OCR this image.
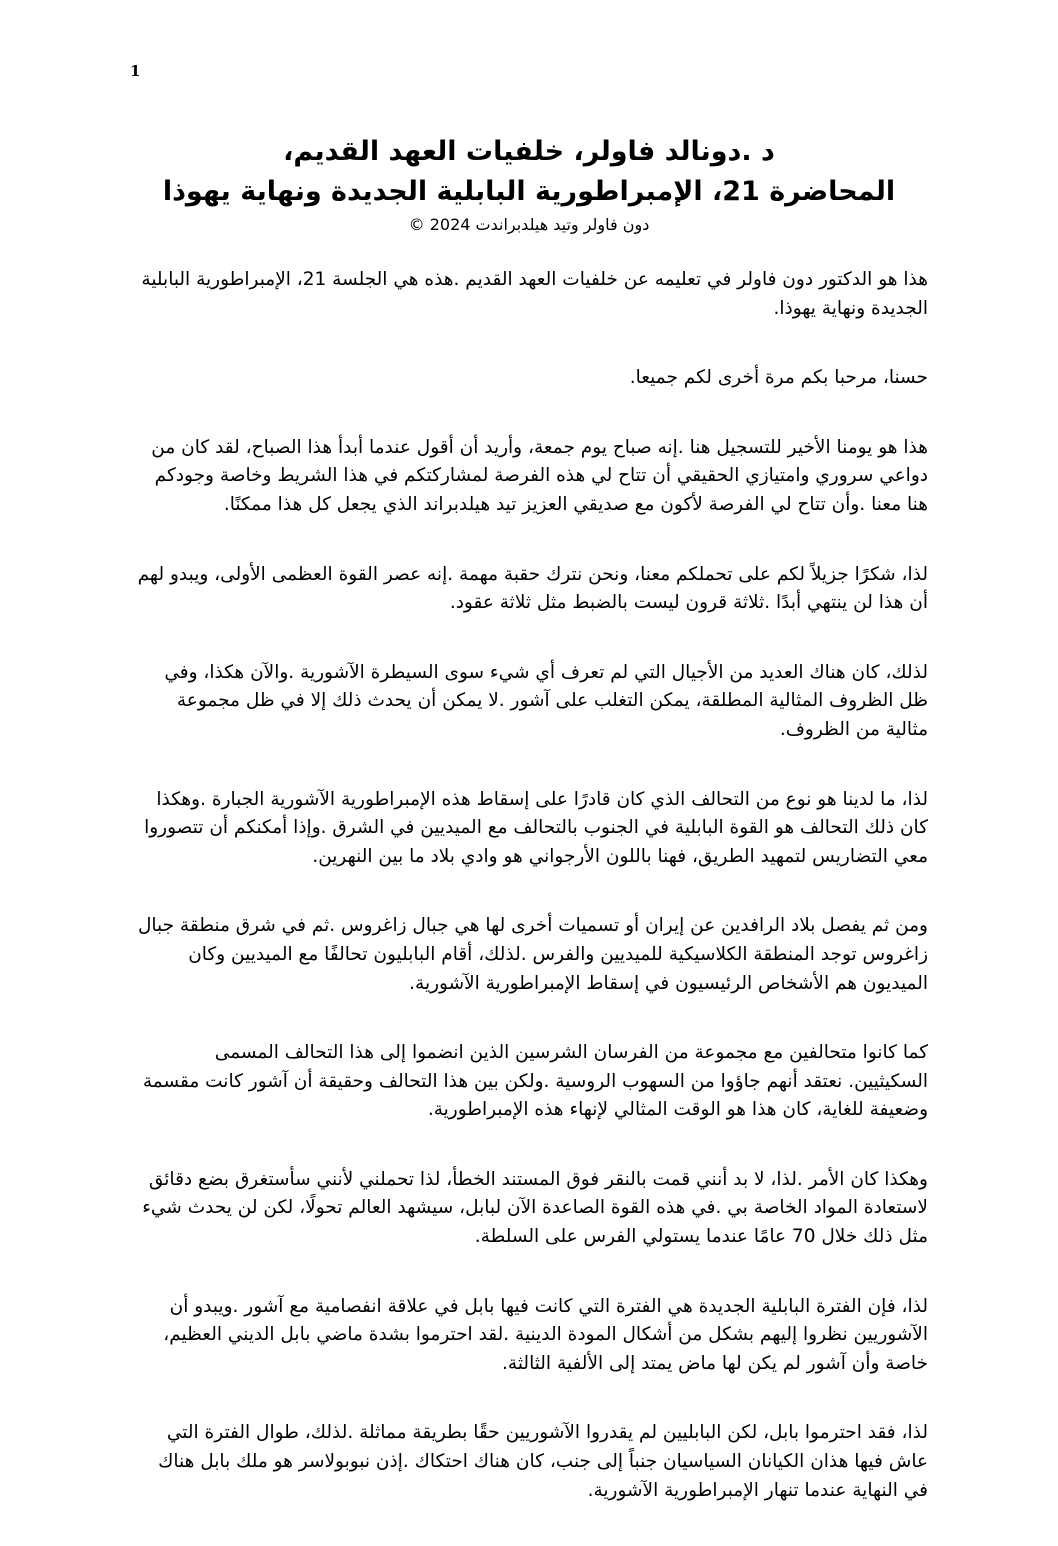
1

د .دونالد فاولر، خلفيات العهد القديم،

المحاضرة 21، الإمبراطورية البابلية الجديدة ونهاية يهوذا

دون فاولر وتيد هيلدبراندت 2024 ©

هذا هو الدكتور دون فاولر في تعليمه عن خلفيات العهد القديم .هذه هي الجلسة 21، الإمبراطورية البابلية الجديدة ونهاية يهوذا.

حسنا، مرحبا بكم مرة أخرى لكم جميعا.

هذا هو يومنا الأخير للتسجيل هنا .إنه صباح يوم جمعة، وأريد أن أقول عندما أبدأ هذا الصباح، لقد كان من دواعي سروري وامتيازي الحقيقي أن تتاح لي هذه الفرصة لمشاركتكم في هذا الشريط وخاصة وجودكم هنا معنا .وأن تتاح لي الفرصة لأكون مع صديقي العزيز تيد هيلدبراند الذي يجعل كل هذا ممكنًا.

لذا، شكرًا جزيلاً لكم على تحملكم معنا، ونحن نترك حقبة مهمة .إنه عصر القوة العظمى الأولى، ويبدو لهم أن هذا لن ينتهي أبدًا .ثلاثة قرون ليست بالضبط مثل ثلاثة عقود.

لذلك، كان هناك العديد من الأجيال التي لم تعرف أي شيء سوى السيطرة الآشورية .والآن هكذا، وفي ظل الظروف المثالية المطلقة، يمكن التغلب على آشور .لا يمكن أن يحدث ذلك إلا في ظل مجموعة مثالية من الظروف.

لذا، ما لدينا هو نوع من التحالف الذي كان قادرًا على إسقاط هذه الإمبراطورية الآشورية الجبارة .وهكذا كان ذلك التحالف هو القوة البابلية في الجنوب بالتحالف مع الميديين في الشرق .وإذا أمكنكم أن تتصوروا معي التضاريس لتمهيد الطريق، فهنا باللون الأرجواني هو وادي بلاد ما بين النهرين.

ومن ثم يفصل بلاد الرافدين عن إيران أو تسميات أخرى لها هي جبال زاغروس .ثم في شرق منطقة جبال زاغروس توجد المنطقة الكلاسيكية للميديين والفرس .لذلك، أقام البابليون تحالفًا مع الميديين وكان الميديون هم الأشخاص الرئيسيون في إسقاط الإمبراطورية الآشورية.

كما كانوا متحالفين مع مجموعة من الفرسان الشرسين الذين انضموا إلى هذا التحالف المسمى السكيثيين. نعتقد أنهم جاؤوا من السهوب الروسية .ولكن بين هذا التحالف وحقيقة أن آشور كانت مقسمة وضعيفة للغاية، كان هذا هو الوقت المثالي لإنهاء هذه الإمبراطورية.

وهكذا كان الأمر .لذا، لا بد أنني قمت بالنقر فوق المستند الخطأ، لذا تحملني لأنني سأستغرق بضع دقائق لاستعادة المواد الخاصة بي .في هذه القوة الصاعدة الآن لبابل، سيشهد العالم تحولًا، لكن لن يحدث شيء مثل ذلك خلال 70 عامًا عندما يستولي الفرس على السلطة.

لذا، فإن الفترة البابلية الجديدة هي الفترة التي كانت فيها بابل في علاقة انفصامية مع آشور .ويبدو أن الآشوريين نظروا إليهم بشكل من أشكال المودة الدينية .لقد احترموا بشدة ماضي بابل الديني العظيم، خاصة وأن آشور لم يكن لها ماض يمتد إلى الألفية الثالثة.

لذا، فقد احترموا بابل، لكن البابليين لم يقدروا الآشوريين حقًا بطريقة مماثلة .لذلك، طوال الفترة التي عاش فيها هذان الكيانان السياسيان جنباً إلى جنب، كان هناك احتكاك .إذن نبوبولاسر هو ملك بابل هناك في النهاية عندما تنهار الإمبراطورية الآشورية.
